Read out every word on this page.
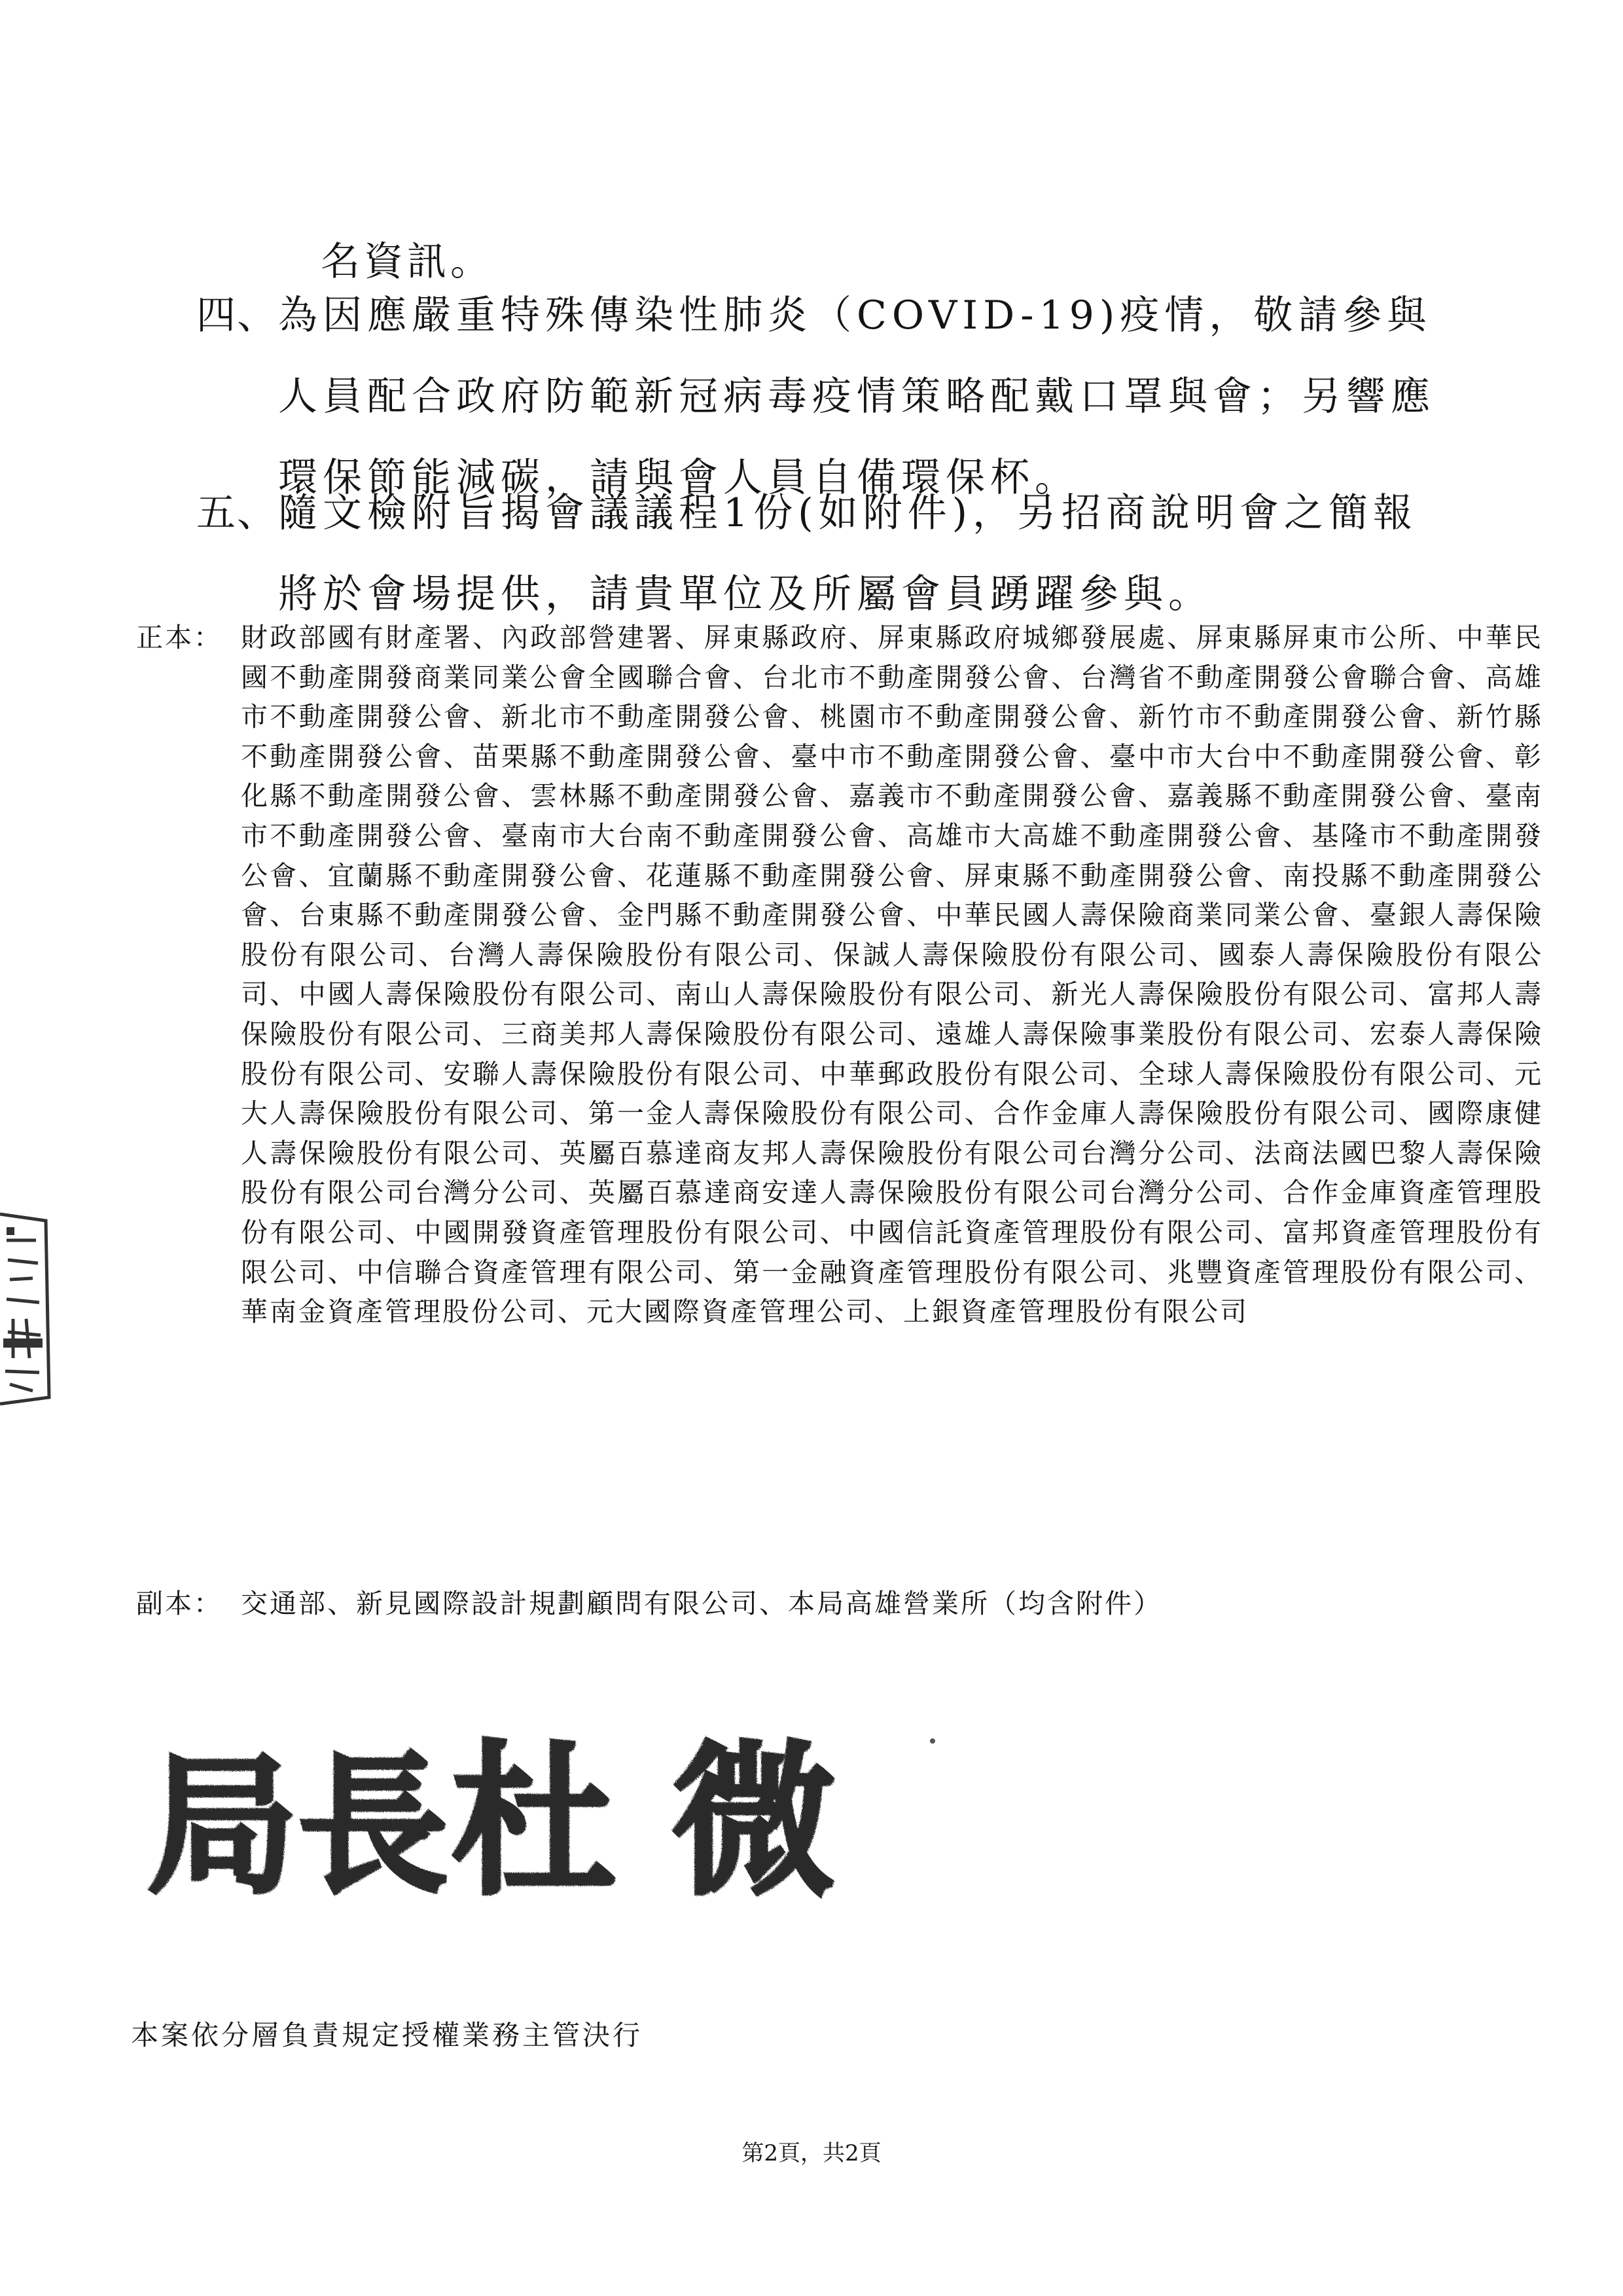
名資訊。
四、 為因應嚴重特殊傳染性肺炎（COVID-19)疫情，敬請參與人員配合政府防範新冠病毒疫情策略配戴口罩與會；另響應環保節能減碳，請與會人員自備環保杯。
五、 隨文檢附旨揭會議議程1份(如附件)，另招商說明會之簡報將於會場提供，請貴單位及所屬會員踴躍參與。
正本： 財政部國有財產署、內政部營建署、屏東縣政府、屏東縣政府城鄉發展處、屏東縣屏東市公所、中華民國不動產開發商業同業公會全國聯合會、台北市不動產開發公會、台灣省不動產開發公會聯合會、高雄市不動產開發公會、新北市不動產開發公會、桃園市不動產開發公會、新竹市不動產開發公會、新竹縣不動產開發公會、苗栗縣不動產開發公會、臺中市不動產開發公會、臺中市大台中不動產開發公會、彰化縣不動產開發公會、雲林縣不動產開發公會、嘉義市不動產開發公會、嘉義縣不動產開發公會、臺南市不動產開發公會、臺南市大台南不動產開發公會、高雄市大高雄不動產開發公會、基隆市不動產開發公會、宜蘭縣不動產開發公會、花蓮縣不動產開發公會、屏東縣不動產開發公會、南投縣不動產開發公會、台東縣不動產開發公會、金門縣不動產開發公會、中華民國人壽保險商業同業公會、臺銀人壽保險股份有限公司、台灣人壽保險股份有限公司、保誠人壽保險股份有限公司、國泰人壽保險股份有限公司、中國人壽保險股份有限公司、南山人壽保險股份有限公司、新光人壽保險股份有限公司、富邦人壽保險股份有限公司、三商美邦人壽保險股份有限公司、遠雄人壽保險事業股份有限公司、宏泰人壽保險股份有限公司、安聯人壽保險股份有限公司、中華郵政股份有限公司、全球人壽保險股份有限公司、元大人壽保險股份有限公司、第一金人壽保險股份有限公司、合作金庫人壽保險股份有限公司、國際康健人壽保險股份有限公司、英屬百慕達商友邦人壽保險股份有限公司台灣分公司、法商法國巴黎人壽保險股份有限公司台灣分公司、英屬百慕達商安達人壽保險股份有限公司台灣分公司、合作金庫資產管理股份有限公司、中國開發資產管理股份有限公司、中國信託資產管理股份有限公司、富邦資產管理股份有限公司、中信聯合資產管理有限公司、第一金融資產管理股份有限公司、兆豐資產管理股份有限公司、華南金資產管理股份公司、元大國際資產管理公司、上銀資產管理股份有限公司
副本： 交通部、新見國際設計規劃顧問有限公司、本局高雄營業所（均含附件）
局長 杜 微
本案依分層負責規定授權業務主管決行
第2頁，共2頁
